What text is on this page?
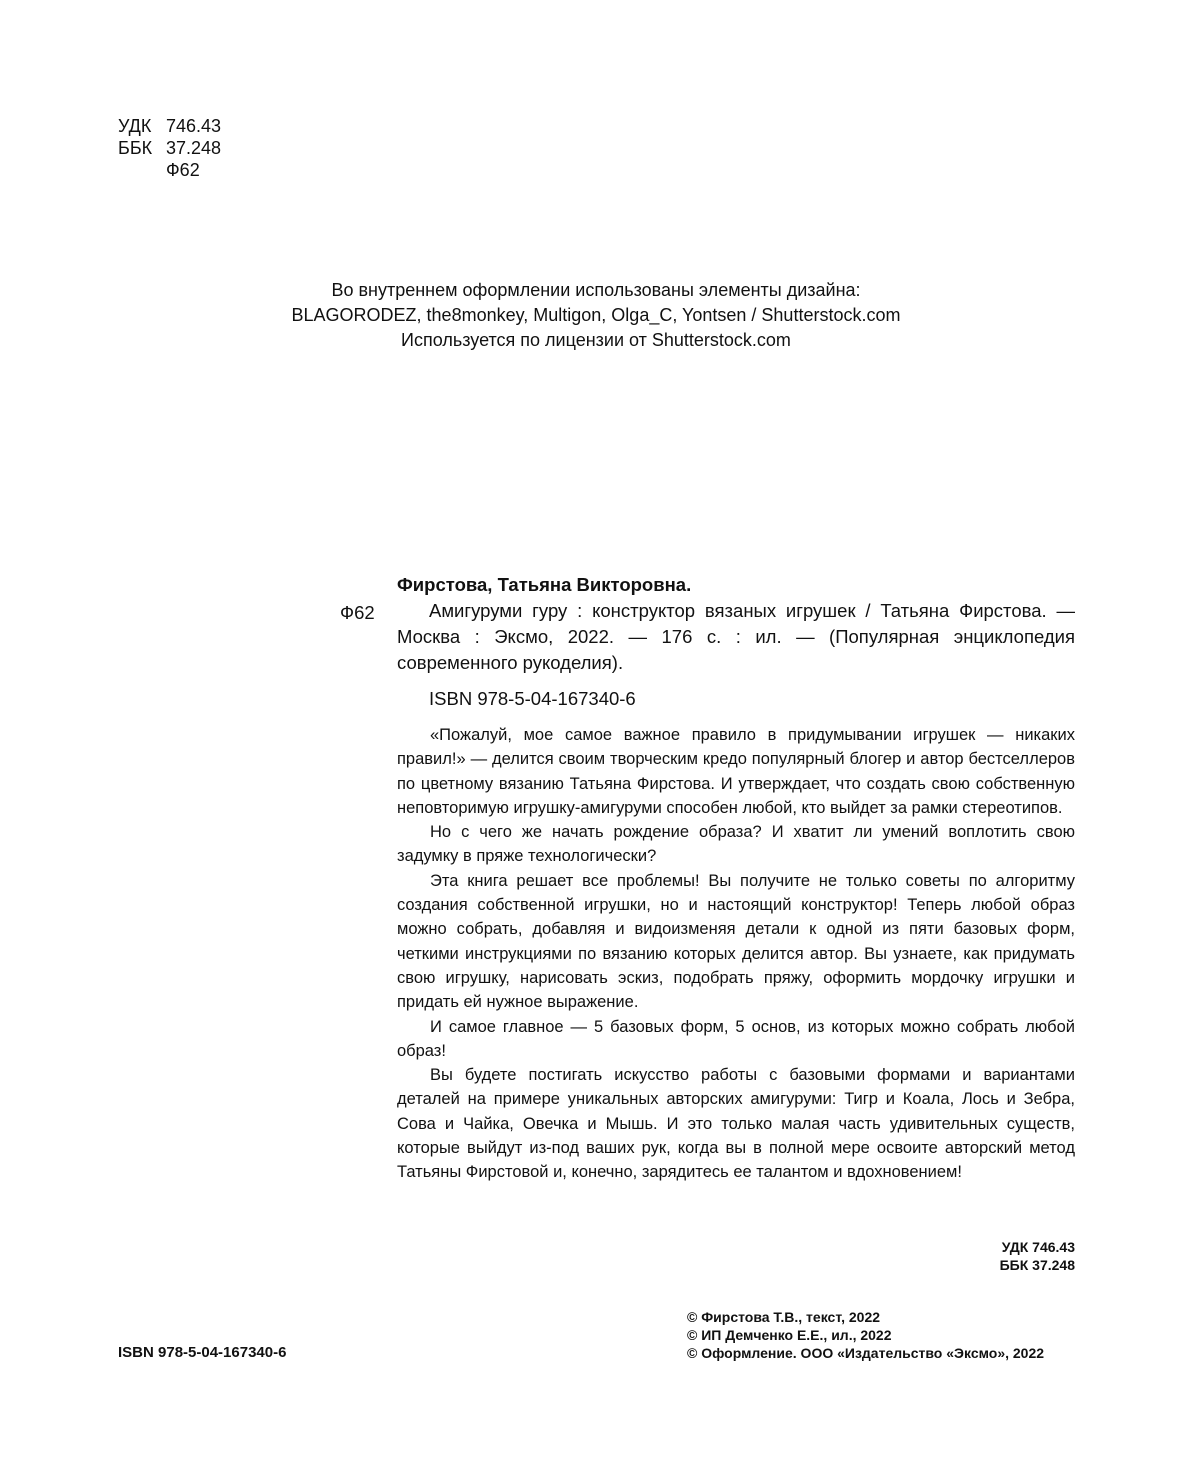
УДК 746.43
ББК 37.248
Ф62
Во внутреннем оформлении использованы элементы дизайна:
BLAGORODEZ, the8monkey, Multigon, Olga_C, Yontsen / Shutterstock.com
Используется по лицензии от Shutterstock.com
Фирстова, Татьяна Викторовна.
Ф62	Амигуруми гуру : конструктор вязаных игрушек / Татьяна Фирстова. — Москва : Эксмо, 2022. — 176 с. : ил. — (Популярная энциклопедия современного рукоделия).
ISBN 978-5-04-167340-6

«Пожалуй, мое самое важное правило в придумывании игрушек — никаких правил!» — делится своим творческим кредо популярный блогер и автор бестселлеров по цветному вязанию Татьяна Фирстова. И утверждает, что создать свою собственную неповторимую игрушку-амигуруми способен любой, кто выйдет за рамки стереотипов.

Но с чего же начать рождение образа? И хватит ли умений воплотить свою задумку в пряже технологически?

Эта книга решает все проблемы! Вы получите не только советы по алгоритму создания собственной игрушки, но и настоящий конструктор! Теперь любой образ можно собрать, добавляя и видоизменяя детали к одной из пяти базовых форм, четкими инструкциями по вязанию которых делится автор. Вы узнаете, как придумать свою игрушку, нарисовать эскиз, подобрать пряжу, оформить мордочку игрушки и придать ей нужное выражение.

И самое главное — 5 базовых форм, 5 основ, из которых можно собрать любой образ!

Вы будете постигать искусство работы с базовыми формами и вариантами деталей на примере уникальных авторских амигуруми: Тигр и Коала, Лось и Зебра, Сова и Чайка, Овечка и Мышь. И это только малая часть удивительных существ, которые выйдут из-под ваших рук, когда вы в полной мере освоите авторский метод Татьяны Фирстовой и, конечно, зарядитесь ее талантом и вдохновением!

УДК 746.43
ББК 37.248
ISBN 978-5-04-167340-6
© Фирстова Т.В., текст, 2022
© ИП Демченко Е.Е., ил., 2022
© Оформление. ООО «Издательство «Эксмо», 2022
